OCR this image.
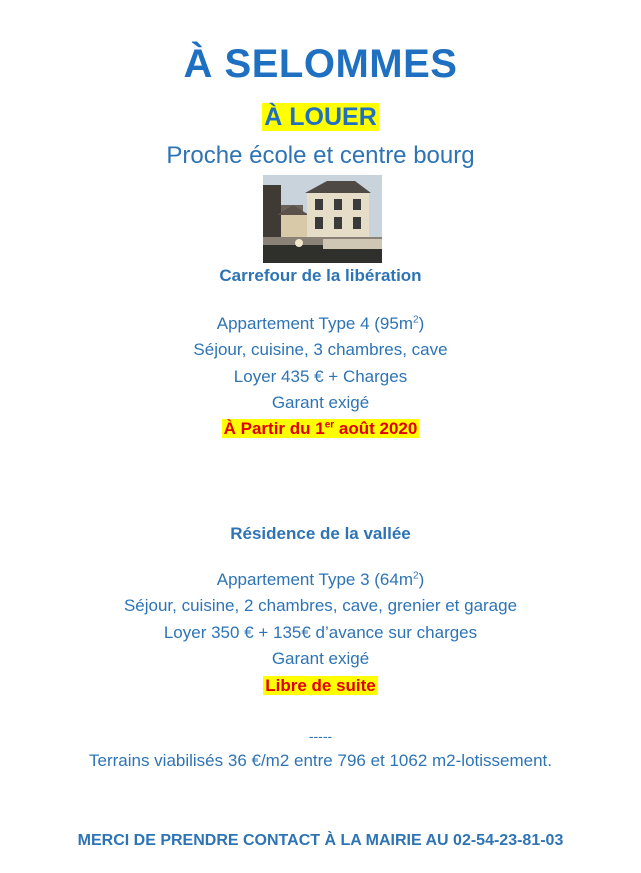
À SELOMMES
À LOUER
Proche école et centre bourg
Carrefour de la libération
Appartement Type 4 $(95m^2)$
Séjour, cuisine, 3 chambres, cave
Loyer 435 € + Charges
Garant exigé
À Partir du 1er août 2020
Résidence de la vallée
Appartement Type 3 $(64m^2)$
Séjour, cuisine, 2 chambres, cave, grenier et garage
Loyer 350 € + 135€ d’avance sur charges
Garant exigé
Libre de suite
-----
Terrains viabilisés 36 €/m2 entre 796 et 1062 m2-lotissement.
MERCI DE PRENDRE CONTACT À LA MAIRIE AU 02-54-23-81-03
